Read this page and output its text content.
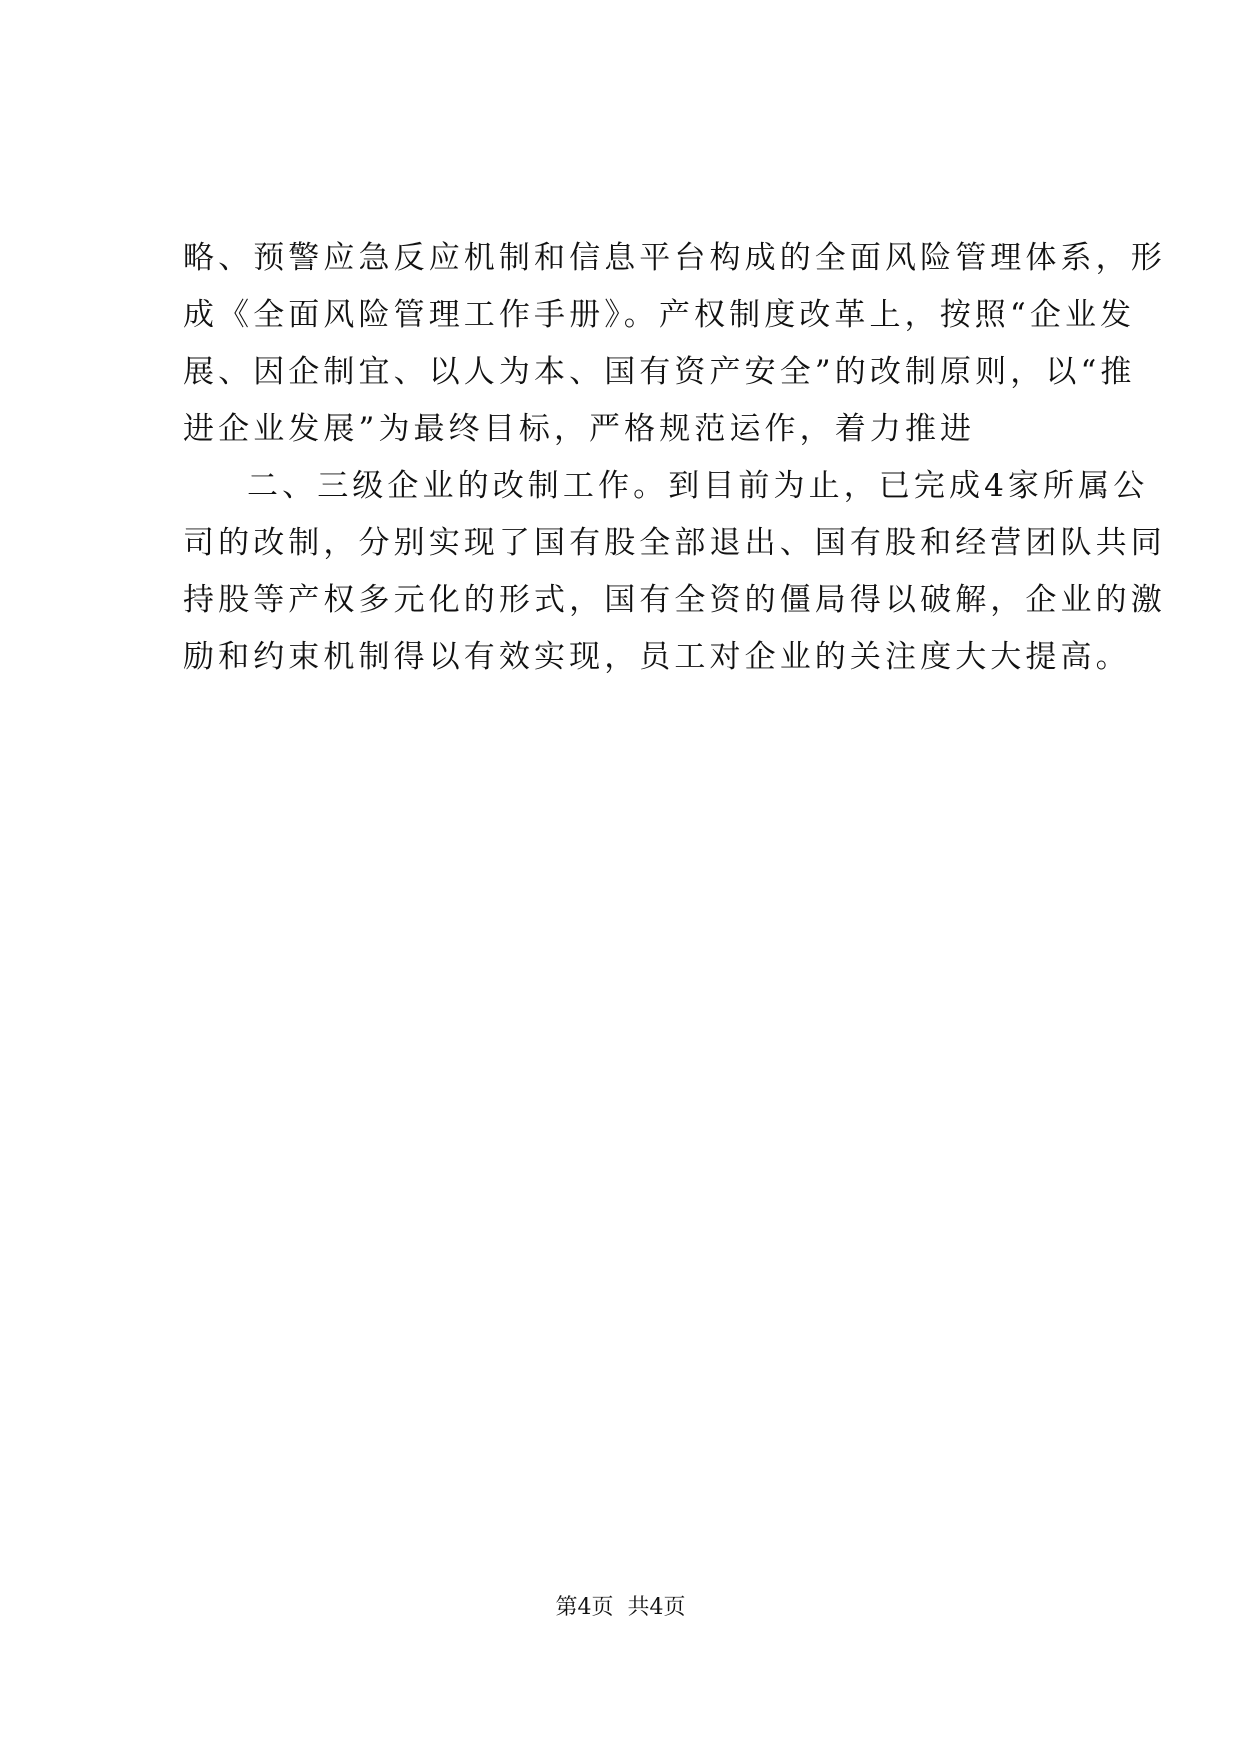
略、预警应急反应机制和信息平台构成的全面风险管理体系，形
成《全面风险管理工作手册》。产权制度改革上，按照“企业发
展、因企制宜、以人为本、国有资产安全”的改制原则，以“推
进企业发展”为最终目标，严格规范运作，着力推进
二、三级企业的改制工作。到目前为止，已完成4家所属公
司的改制，分别实现了国有股全部退出、国有股和经营团队共同
持股等产权多元化的形式，国有全资的僵局得以破解，企业的激
励和约束机制得以有效实现，员工对企业的关注度大大提高。
第4页 共4页
